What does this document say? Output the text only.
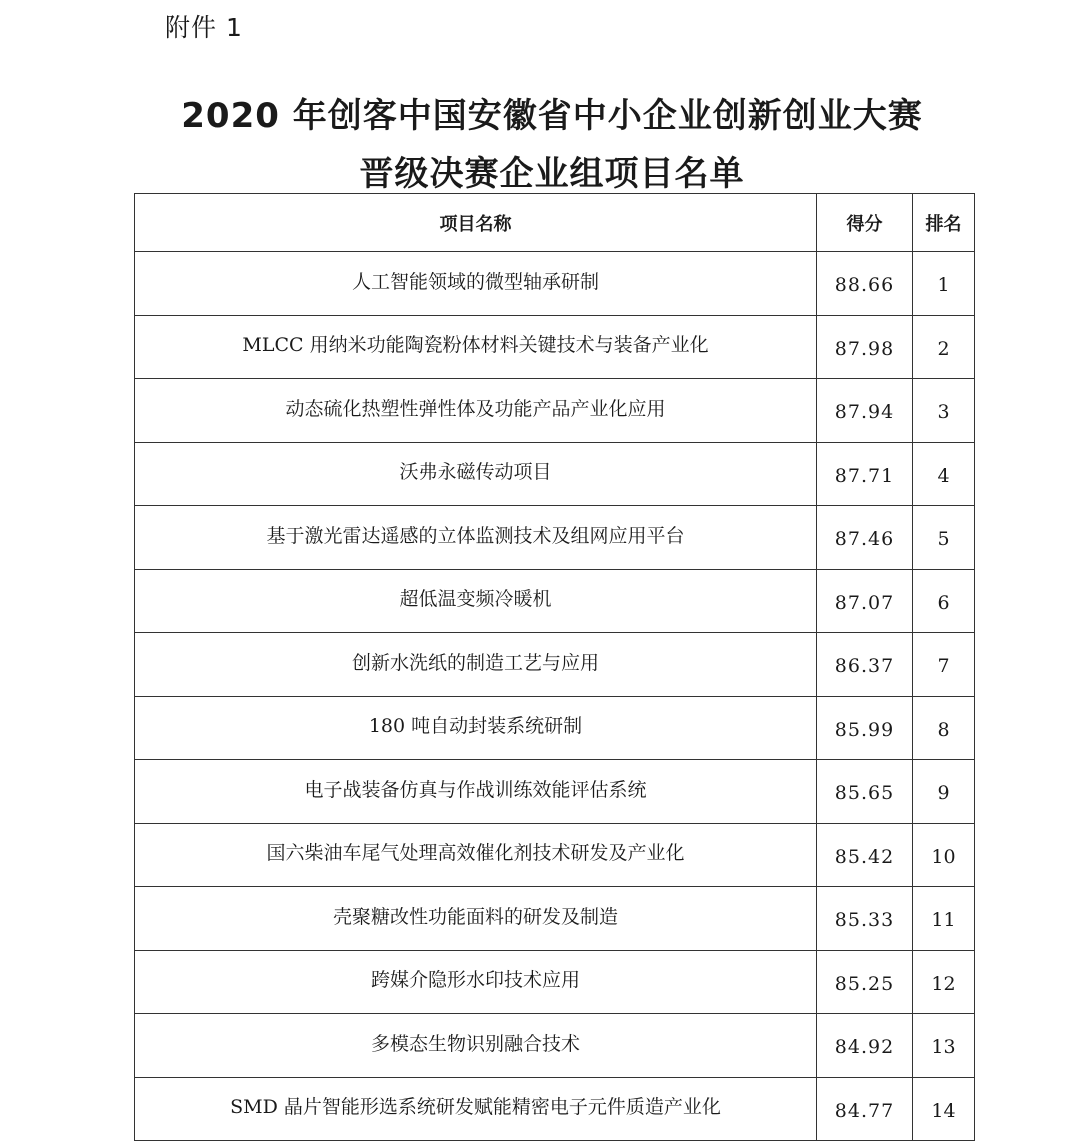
附件 1
2020 年创客中国安徽省中小企业创新创业大赛
晋级决赛企业组项目名单
项目名称	得分	排名
人工智能领域的微型轴承研制	88.66	1
MLCC 用纳米功能陶瓷粉体材料关键技术与装备产业化	87.98	2
动态硫化热塑性弹性体及功能产品产业化应用	87.94	3
沃弗永磁传动项目	87.71	4
基于激光雷达遥感的立体监测技术及组网应用平台	87.46	5
超低温变频冷暖机	87.07	6
创新水洗纸的制造工艺与应用	86.37	7
180 吨自动封装系统研制	85.99	8
电子战装备仿真与作战训练效能评估系统	85.65	9
国六柴油车尾气处理高效催化剂技术研发及产业化	85.42	10
壳聚糖改性功能面料的研发及制造	85.33	11
跨媒介隐形水印技术应用	85.25	12
多模态生物识别融合技术	84.92	13
SMD 晶片智能形选系统研发赋能精密电子元件质造产业化	84.77	14
